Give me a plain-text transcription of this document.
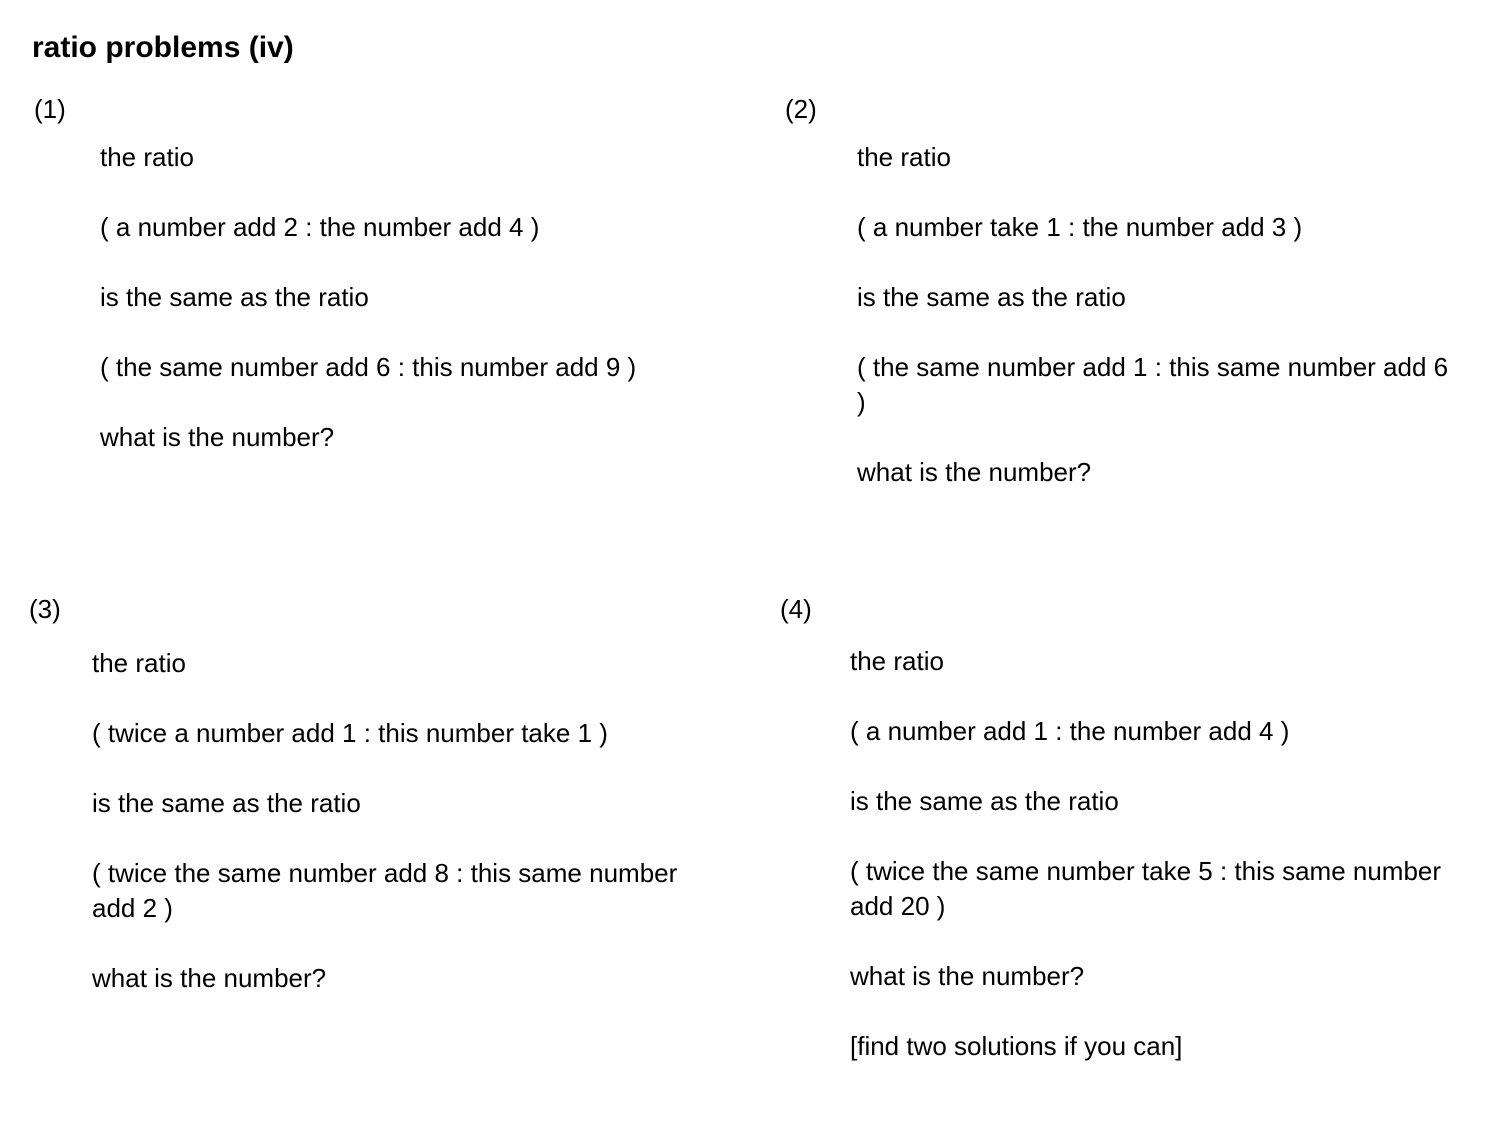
ratio problems (iv)
(1)

the ratio

( a number add 2 : the number add 4 )

is the same as the ratio

( the same number add 6 : this number add 9 )

what is the number?

(2)

the ratio

( a number take 1 : the number add 3 )

is the same as the ratio

( the same number add 1 : this same number add 6 )

what is the number?

(3)

the ratio

( twice a number add 1 : this number take 1 )

is the same as the ratio

( twice the same number add 8 : this same number add 2 )

what is the number?

(4)

the ratio

( a number add 1 : the number add 4 )

is the same as the ratio

( twice the same number take 5 : this same number add 20 )

what is the number?

[find two solutions if you can]
